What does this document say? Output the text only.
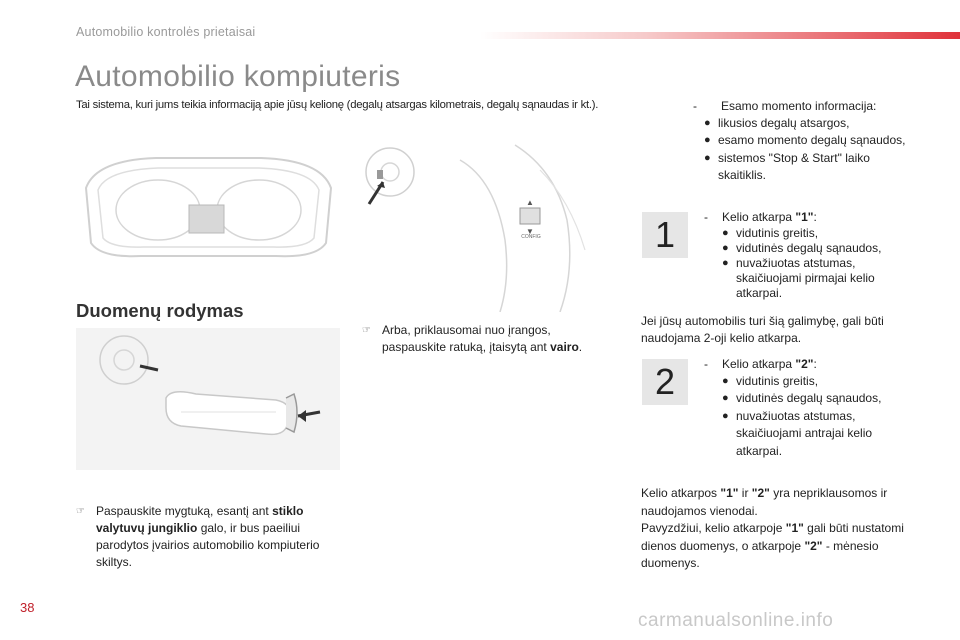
Automobilio kontrolės prietaisai
Automobilio kompiuteris
Tai sistema, kuri jums teikia informaciją apie jūsų kelionę (degalų atsargas kilometrais, degalų sąnaudas ir kt.).
▲
▼
CONFIG
Duomenų rodymas
☞ Paspauskite mygtuką, esantį ant stiklo valytuvų jungiklio galo, ir bus paeiliui parodytos įvairios automobilio kompiuterio skiltys.
☞ Arba, priklausomai nuo įrangos, paspauskite ratuką, įtaisytą ant vairo.
-	Esamo momento informacija:
● likusios degalų atsargos,
● esamo momento degalų sąnaudos,
● sistemos "Stop & Start" laiko skaitiklis.
1	-	Kelio atkarpa "1":
● vidutinis greitis,
● vidutinės degalų sąnaudos,
● nuvažiuotas atstumas, skaičiuojami pirmajai kelio atkarpai.
Jei jūsų automobilis turi šią galimybę, gali būti naudojama 2-oji kelio atkarpa.
2	-	Kelio atkarpa "2":
● vidutinis greitis,
● vidutinės degalų sąnaudos,
● nuvažiuotas atstumas, skaičiuojami antrajai kelio atkarpai.
Kelio atkarpos "1" ir "2" yra nepriklausomos ir naudojamos vienodai.
Pavyzdžiui, kelio atkarpoje "1" gali būti nustatomi dienos duomenys, o atkarpoje "2" - mėnesio duomenys.
38
carmanualsonline.info
